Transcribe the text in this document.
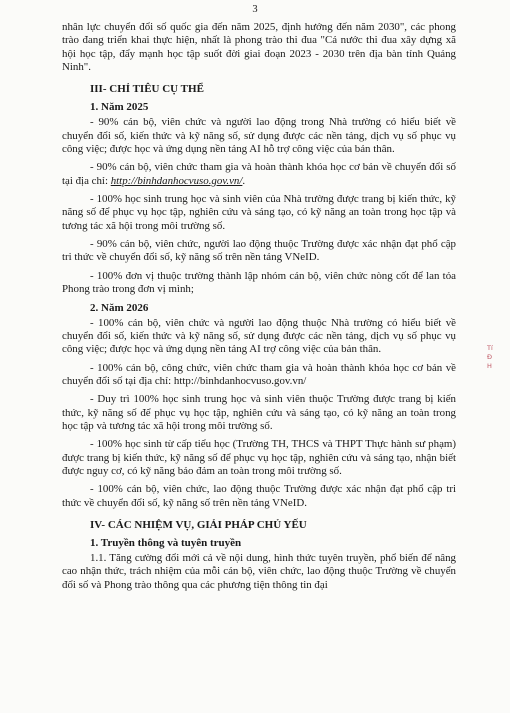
3

nhân lực chuyển đổi số quốc gia đến năm 2025, định hướng đến năm 2030", các phong trào đang triển khai thực hiện, nhất là phong trào thi đua "Cả nước thi đua xây dựng xã hội học tập, đẩy mạnh học tập suốt đời giai đoạn 2023 - 2030 trên địa bàn tỉnh Quảng Ninh".

III- CHỈ TIÊU CỤ THỂ
1. Năm 2025

- 90% cán bộ, viên chức và người lao động trong Nhà trường có hiểu biết về chuyển đổi số, kiến thức và kỹ năng số, sử dụng được các nền tảng, dịch vụ số phục vụ công việc; được học và ứng dụng nền tảng AI hỗ trợ công việc của bản thân.

- 90% cán bộ, viên chức tham gia và hoàn thành khóa học cơ bản về chuyển đổi số tại địa chỉ: http://binhdanhocvuso.gov.vn/.

- 100% học sinh trung học và sinh viên của Nhà trường được trang bị kiến thức, kỹ năng số để phục vụ học tập, nghiên cứu và sáng tạo, có kỹ năng an toàn trong học tập và tương tác xã hội trong môi trường số.

- 90% cán bộ, viên chức, người lao động thuộc Trường được xác nhận đạt phổ cập tri thức về chuyển đổi số, kỹ năng số trên nền tảng VNeID.

- 100% đơn vị thuộc trường thành lập nhóm cán bộ, viên chức nòng cốt để lan tỏa Phong trào trong đơn vị mình;

2. Năm 2026

- 100% cán bộ, viên chức và người lao động thuộc Nhà trường có hiểu biết về chuyển đổi số, kiến thức và kỹ năng số, sử dụng được các nền tảng, dịch vụ số phục vụ công việc; được học và ứng dụng nền tảng AI trợ công việc của bản thân.

- 100% cán bộ, công chức, viên chức tham gia và hoàn thành khóa học cơ bản về chuyển đổi số tại địa chỉ: http://binhdanhocvuso.gov.vn/

- Duy trì 100% học sinh trung học và sinh viên thuộc Trường được trang bị kiến thức, kỹ năng số để phục vụ học tập, nghiên cứu và sáng tạo, có kỹ năng an toàn trong học tập và tương tác xã hội trong môi trường số.

- 100% học sinh từ cấp tiểu học (Trường TH, THCS và THPT Thực hành sư phạm) được trang bị kiến thức, kỹ năng số để phục vụ học tập, nghiên cứu và sáng tạo, nhận biết được nguy cơ, có kỹ năng bảo đảm an toàn trong môi trường số.

- 100% cán bộ, viên chức, lao động thuộc Trường được xác nhận đạt phổ cập tri thức về chuyển đổi số, kỹ năng số trên nền tảng VNeID.

IV- CÁC NHIỆM VỤ, GIẢI PHÁP CHỦ YẾU
1. Truyền thông và tuyên truyền

1.1. Tăng cường đổi mới cả về nội dung, hình thức tuyên truyền, phổ biến để nâng cao nhận thức, trách nhiệm của mỗi cán bộ, viên chức, lao động thuộc Trường về chuyển đổi số và Phong trào thông qua các phương tiện thông tin đại

Tí
Đ
H
